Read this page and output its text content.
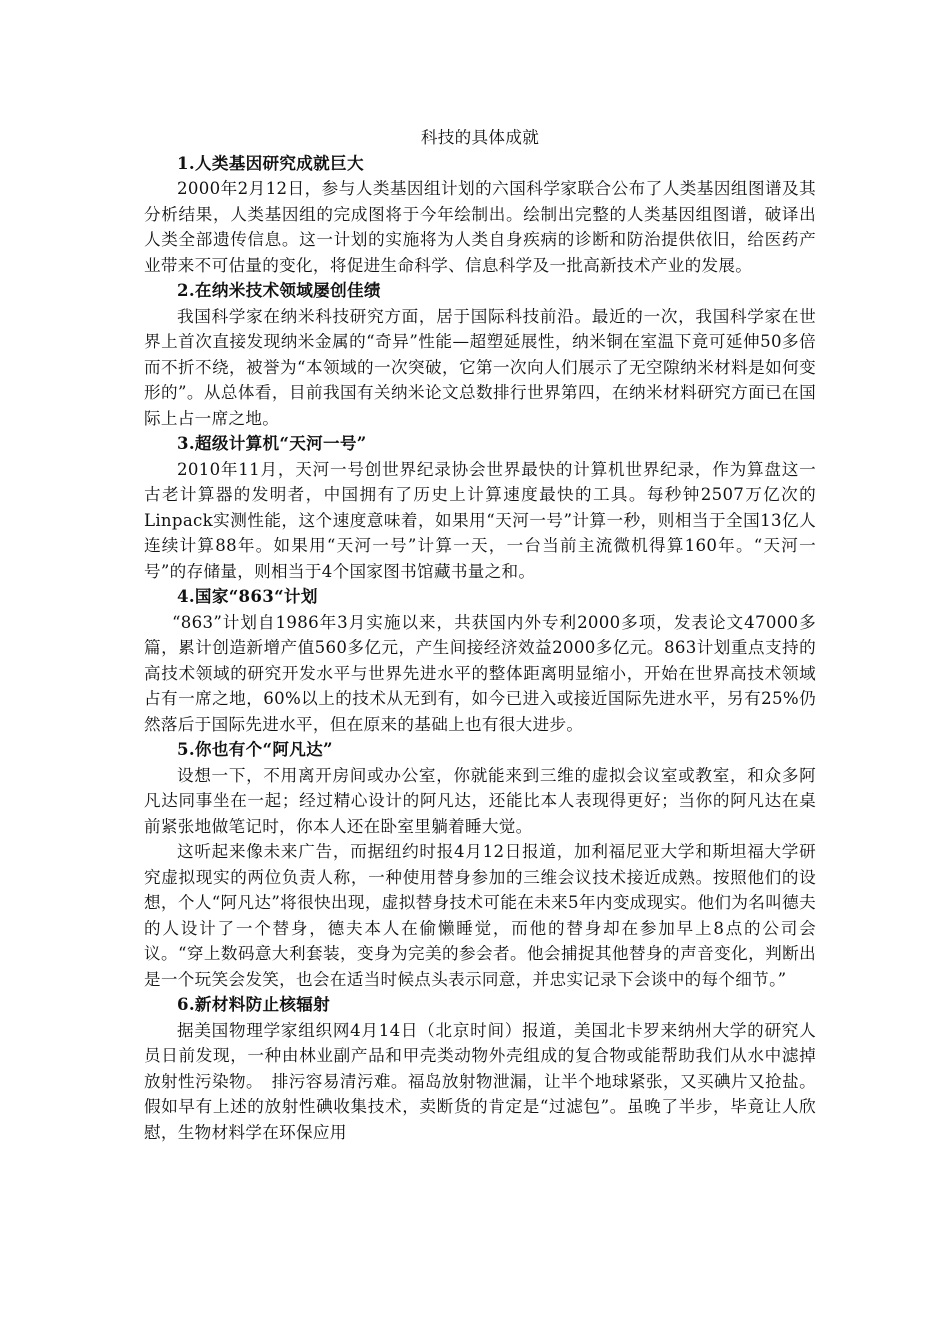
科技的具体成就
1.人类基因研究成就巨大

2000年2月12日，参与人类基因组计划的六国科学家联合公布了人类基因组图谱及其分析结果，人类基因组的完成图将于今年绘制出。绘制出完整的人类基因组图谱，破译出人类全部遗传信息。这一计划的实施将为人类自身疾病的诊断和防治提供依旧，给医药产业带来不可估量的变化，将促进生命科学、信息科学及一批高新技术产业的发展。

2.在纳米技术领域屡创佳绩

我国科学家在纳米科技研究方面，居于国际科技前沿。最近的一次，我国科学家在世界上首次直接发现纳米金属的“奇异”性能—超塑延展性，纳米铜在室温下竟可延伸50多倍而不折不绕，被誉为“本领域的一次突破，它第一次向人们展示了无空隙纳米材料是如何变形的”。从总体看，目前我国有关纳米论文总数排行世界第四，在纳米材料研究方面已在国际上占一席之地。

3.超级计算机“天河一号”

2010年11月，天河一号创世界纪录协会世界最快的计算机世界纪录，作为算盘这一古老计算器的发明者，中国拥有了历史上计算速度最快的工具。每秒钟2507万亿次的Linpack实测性能，这个速度意味着，如果用“天河一号”计算一秒，则相当于全国13亿人连续计算88年。如果用“天河一号”计算一天，一台当前主流微机得算160年。“天河一号”的存储量，则相当于4个国家图书馆藏书量之和。

4.国家“863“计划

“863”计划自1986年3月实施以来，共获国内外专利2000多项，发表论文47000多篇，累计创造新增产值560多亿元，产生间接经济效益2000多亿元。863计划重点支持的高技术领域的研究开发水平与世界先进水平的整体距离明显缩小，开始在世界高技术领域占有一席之地，60%以上的技术从无到有，如今已进入或接近国际先进水平，另有25%仍然落后于国际先进水平，但在原来的基础上也有很大进步。

5.你也有个“阿凡达”

设想一下，不用离开房间或办公室，你就能来到三维的虚拟会议室或教室，和众多阿凡达同事坐在一起；经过精心设计的阿凡达，还能比本人表现得更好；当你的阿凡达在桌前紧张地做笔记时，你本人还在卧室里躺着睡大觉。

这听起来像未来广告，而据纽约时报4月12日报道，加利福尼亚大学和斯坦福大学研究虚拟现实的两位负责人称，一种使用替身参加的三维会议技术接近成熟。按照他们的设想，个人“阿凡达”将很快出现，虚拟替身技术可能在未来5年内变成现实。他们为名叫德夫的人设计了一个替身，德夫本人在偷懒睡觉，而他的替身却在参加早上8点的公司会议。“穿上数码意大利套装，变身为完美的参会者。他会捕捉其他替身的声音变化，判断出是一个玩笑会发笑，也会在适当时候点头表示同意，并忠实记录下会谈中的每个细节。”

6.新材料防止核辐射

据美国物理学家组织网4月14日（北京时间）报道，美国北卡罗来纳州大学的研究人员日前发现，一种由林业副产品和甲壳类动物外壳组成的复合物或能帮助我们从水中滤掉放射性污染物。　排污容易清污难。福岛放射物泄漏，让半个地球紧张，又买碘片又抢盐。假如早有上述的放射性碘收集技术，卖断货的肯定是“过滤包”。虽晚了半步，毕竟让人欣慰，生物材料学在环保应用
